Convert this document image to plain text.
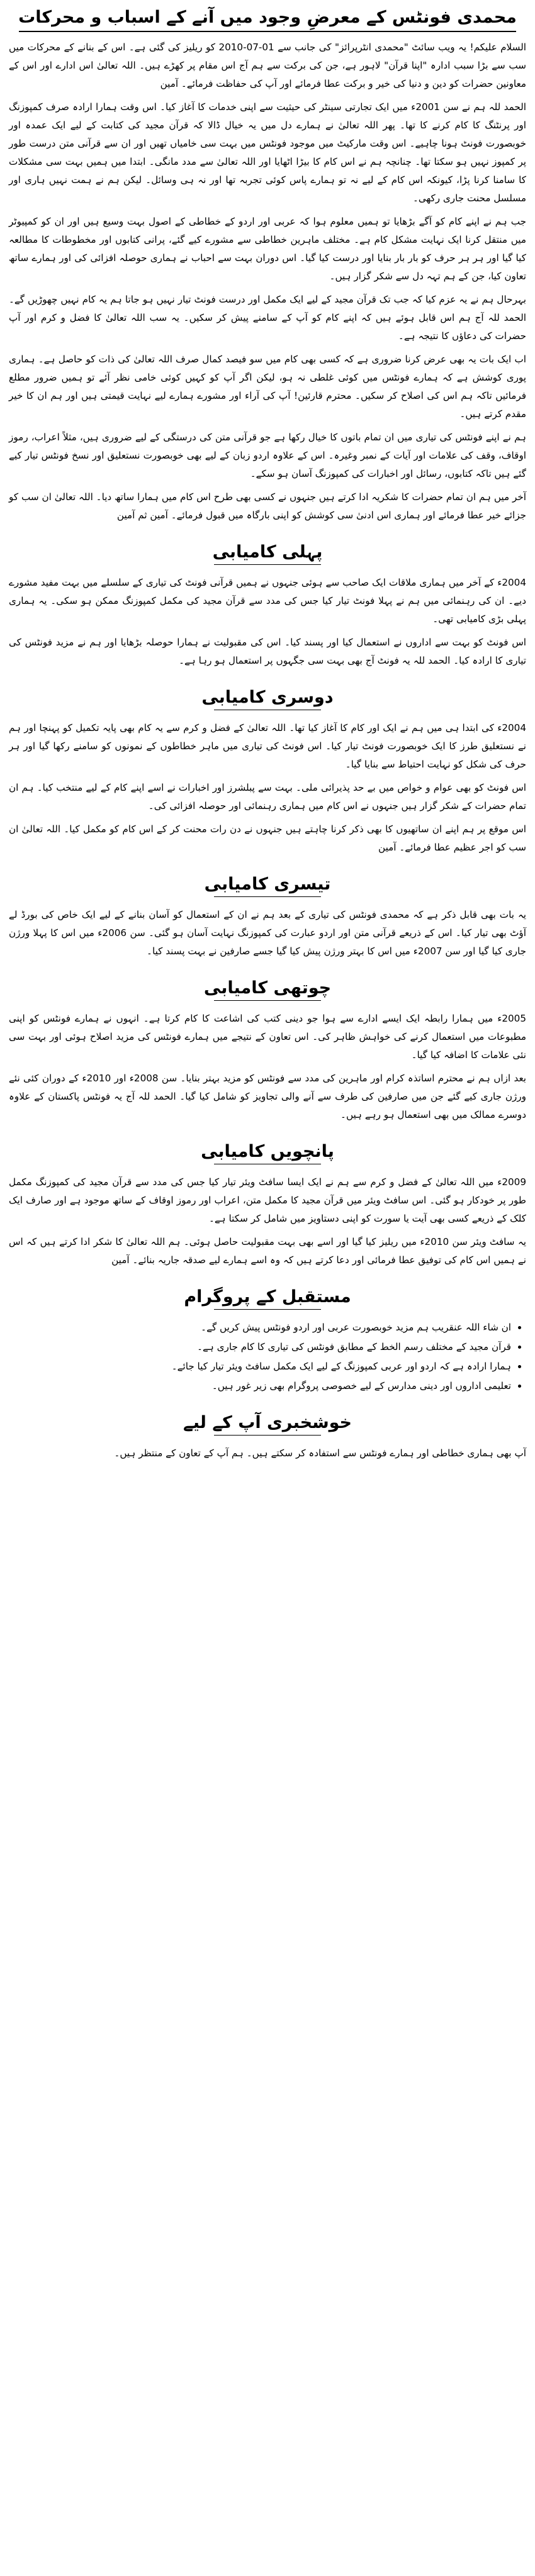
محمدی فونٹس کے معرضِ وجود میں آنے کے اسباب و محرکات

السلام علیکم! یہ ویب سائٹ "محمدی انٹرپرائز" کی جانب سے 01-07-2010 کو ریلیز کی گئی ہے۔ اس کے بنانے کے محرکات میں سب سے بڑا سبب ادارہ "اپنا قرآن" لاہور ہے، جن کی برکت سے ہم آج اس مقام پر کھڑے ہیں۔ اللہ تعالیٰ اس ادارے اور اس کے معاونین حضرات کو دین و دنیا کی خیر و برکت عطا فرمائے اور آپ کی حفاظت فرمائے۔ آمین

الحمد للہ ہم نے سن 2001ء میں ایک تجارتی سینٹر کی حیثیت سے اپنی خدمات کا آغاز کیا۔ اس وقت ہمارا ارادہ صرف کمپوزنگ اور پرنٹنگ کا کام کرنے کا تھا۔ پھر اللہ تعالیٰ نے ہمارے دل میں یہ خیال ڈالا کہ قرآن مجید کی کتابت کے لیے ایک عمدہ اور خوبصورت فونٹ ہونا چاہیے۔ اس وقت مارکیٹ میں موجود فونٹس میں بہت سی خامیاں تھیں اور ان سے قرآنی متن درست طور پر کمپوز نہیں ہو سکتا تھا۔ چنانچہ ہم نے اس کام کا بیڑا اٹھایا اور اللہ تعالیٰ سے مدد مانگی۔ ابتدا میں ہمیں بہت سی مشکلات کا سامنا کرنا پڑا، کیونکہ اس کام کے لیے نہ تو ہمارے پاس کوئی تجربہ تھا اور نہ ہی وسائل۔ لیکن ہم نے ہمت نہیں ہاری اور مسلسل محنت جاری رکھی۔

جب ہم نے اپنے کام کو آگے بڑھایا تو ہمیں معلوم ہوا کہ عربی اور اردو کے خطاطی کے اصول بہت وسیع ہیں اور ان کو کمپیوٹر میں منتقل کرنا ایک نہایت مشکل کام ہے۔ مختلف ماہرین خطاطی سے مشورے کیے گئے، پرانی کتابوں اور مخطوطات کا مطالعہ کیا گیا اور ہر ہر حرف کو بار بار بنایا اور درست کیا گیا۔ اس دوران بہت سے احباب نے ہماری حوصلہ افزائی کی اور ہمارے ساتھ تعاون کیا، جن کے ہم تہہ دل سے شکر گزار ہیں۔

بہرحال ہم نے یہ عزم کیا کہ جب تک قرآن مجید کے لیے ایک مکمل اور درست فونٹ تیار نہیں ہو جاتا ہم یہ کام نہیں چھوڑیں گے۔ الحمد للہ آج ہم اس قابل ہوئے ہیں کہ اپنے کام کو آپ کے سامنے پیش کر سکیں۔ یہ سب اللہ تعالیٰ کا فضل و کرم اور آپ حضرات کی دعاؤں کا نتیجہ ہے۔

اب ایک بات یہ بھی عرض کرنا ضروری ہے کہ کسی بھی کام میں سو فیصد کمال صرف اللہ تعالیٰ کی ذات کو حاصل ہے۔ ہماری پوری کوشش ہے کہ ہمارے فونٹس میں کوئی غلطی نہ ہو، لیکن اگر آپ کو کہیں کوئی خامی نظر آئے تو ہمیں ضرور مطلع فرمائیں تاکہ ہم اس کی اصلاح کر سکیں۔ محترم قارئین! آپ کی آراء اور مشورے ہمارے لیے نہایت قیمتی ہیں اور ہم ان کا خیر مقدم کرتے ہیں۔

ہم نے اپنے فونٹس کی تیاری میں ان تمام باتوں کا خیال رکھا ہے جو قرآنی متن کی درستگی کے لیے ضروری ہیں، مثلاً اعراب، رموز اوقاف، وقف کی علامات اور آیات کے نمبر وغیرہ۔ اس کے علاوہ اردو زبان کے لیے بھی خوبصورت نستعلیق اور نسخ فونٹس تیار کیے گئے ہیں تاکہ کتابوں، رسائل اور اخبارات کی کمپوزنگ آسان ہو سکے۔

آخر میں ہم ان تمام حضرات کا شکریہ ادا کرتے ہیں جنہوں نے کسی بھی طرح اس کام میں ہمارا ساتھ دیا۔ اللہ تعالیٰ ان سب کو جزائے خیر عطا فرمائے اور ہماری اس ادنیٰ سی کوشش کو اپنی بارگاہ میں قبول فرمائے۔ آمین ثم آمین

پہلی کامیابی

2004ء کے آخر میں ہماری ملاقات ایک صاحب سے ہوئی جنہوں نے ہمیں قرآنی فونٹ کی تیاری کے سلسلے میں بہت مفید مشورے دیے۔ ان کی رہنمائی میں ہم نے پہلا فونٹ تیار کیا جس کی مدد سے قرآن مجید کی مکمل کمپوزنگ ممکن ہو سکی۔ یہ ہماری پہلی بڑی کامیابی تھی۔

اس فونٹ کو بہت سے اداروں نے استعمال کیا اور پسند کیا۔ اس کی مقبولیت نے ہمارا حوصلہ بڑھایا اور ہم نے مزید فونٹس کی تیاری کا ارادہ کیا۔ الحمد للہ یہ فونٹ آج بھی بہت سی جگہوں پر استعمال ہو رہا ہے۔

دوسری کامیابی

2004ء کی ابتدا ہی میں ہم نے ایک اور کام کا آغاز کیا تھا۔ اللہ تعالیٰ کے فضل و کرم سے یہ کام بھی پایہ تکمیل کو پہنچا اور ہم نے نستعلیق طرز کا ایک خوبصورت فونٹ تیار کیا۔ اس فونٹ کی تیاری میں ماہر خطاطوں کے نمونوں کو سامنے رکھا گیا اور ہر حرف کی شکل کو نہایت احتیاط سے بنایا گیا۔

اس فونٹ کو بھی عوام و خواص میں بے حد پذیرائی ملی۔ بہت سے پبلشرز اور اخبارات نے اسے اپنے کام کے لیے منتخب کیا۔ ہم ان تمام حضرات کے شکر گزار ہیں جنہوں نے اس کام میں ہماری رہنمائی اور حوصلہ افزائی کی۔

اس موقع پر ہم اپنے ان ساتھیوں کا بھی ذکر کرنا چاہتے ہیں جنہوں نے دن رات محنت کر کے اس کام کو مکمل کیا۔ اللہ تعالیٰ ان سب کو اجر عظیم عطا فرمائے۔ آمین

تیسری کامیابی

یہ بات بھی قابل ذکر ہے کہ محمدی فونٹس کی تیاری کے بعد ہم نے ان کے استعمال کو آسان بنانے کے لیے ایک خاص کی بورڈ لے آؤٹ بھی تیار کیا۔ اس کے ذریعے قرآنی متن اور اردو عبارت کی کمپوزنگ نہایت آسان ہو گئی۔ سن 2006ء میں اس کا پہلا ورژن جاری کیا گیا اور سن 2007ء میں اس کا بہتر ورژن پیش کیا گیا جسے صارفین نے بہت پسند کیا۔

چوتھی کامیابی

2005ء میں ہمارا رابطہ ایک ایسے ادارے سے ہوا جو دینی کتب کی اشاعت کا کام کرتا ہے۔ انہوں نے ہمارے فونٹس کو اپنی مطبوعات میں استعمال کرنے کی خواہش ظاہر کی۔ اس تعاون کے نتیجے میں ہمارے فونٹس کی مزید اصلاح ہوئی اور بہت سی نئی علامات کا اضافہ کیا گیا۔

بعد ازاں ہم نے محترم اساتذہ کرام اور ماہرین کی مدد سے فونٹس کو مزید بہتر بنایا۔ سن 2008ء اور 2010ء کے دوران کئی نئے ورژن جاری کیے گئے جن میں صارفین کی طرف سے آنے والی تجاویز کو شامل کیا گیا۔ الحمد للہ آج یہ فونٹس پاکستان کے علاوہ دوسرے ممالک میں بھی استعمال ہو رہے ہیں۔

پانچویں کامیابی

2009ء میں اللہ تعالیٰ کے فضل و کرم سے ہم نے ایک ایسا سافٹ ویئر تیار کیا جس کی مدد سے قرآن مجید کی کمپوزنگ مکمل طور پر خودکار ہو گئی۔ اس سافٹ ویئر میں قرآن مجید کا مکمل متن، اعراب اور رموز اوقاف کے ساتھ موجود ہے اور صارف ایک کلک کے ذریعے کسی بھی آیت یا سورت کو اپنی دستاویز میں شامل کر سکتا ہے۔

یہ سافٹ ویئر سن 2010ء میں ریلیز کیا گیا اور اسے بھی بہت مقبولیت حاصل ہوئی۔ ہم اللہ تعالیٰ کا شکر ادا کرتے ہیں کہ اس نے ہمیں اس کام کی توفیق عطا فرمائی اور دعا کرتے ہیں کہ وہ اسے ہمارے لیے صدقہ جاریہ بنائے۔ آمین

مستقبل کے پروگرام
• ان شاء اللہ عنقریب ہم مزید خوبصورت عربی اور اردو فونٹس پیش کریں گے۔
• قرآن مجید کے مختلف رسم الخط کے مطابق فونٹس کی تیاری کا کام جاری ہے۔
• ہمارا ارادہ ہے کہ اردو اور عربی کمپوزنگ کے لیے ایک مکمل سافٹ ویئر تیار کیا جائے۔
• تعلیمی اداروں اور دینی مدارس کے لیے خصوصی پروگرام بھی زیر غور ہیں۔
خوشخبری آپ کے لیے

آپ بھی ہماری خطاطی اور ہمارے فونٹس سے استفادہ کر سکتے ہیں۔ ہم آپ کے تعاون کے منتظر ہیں۔
